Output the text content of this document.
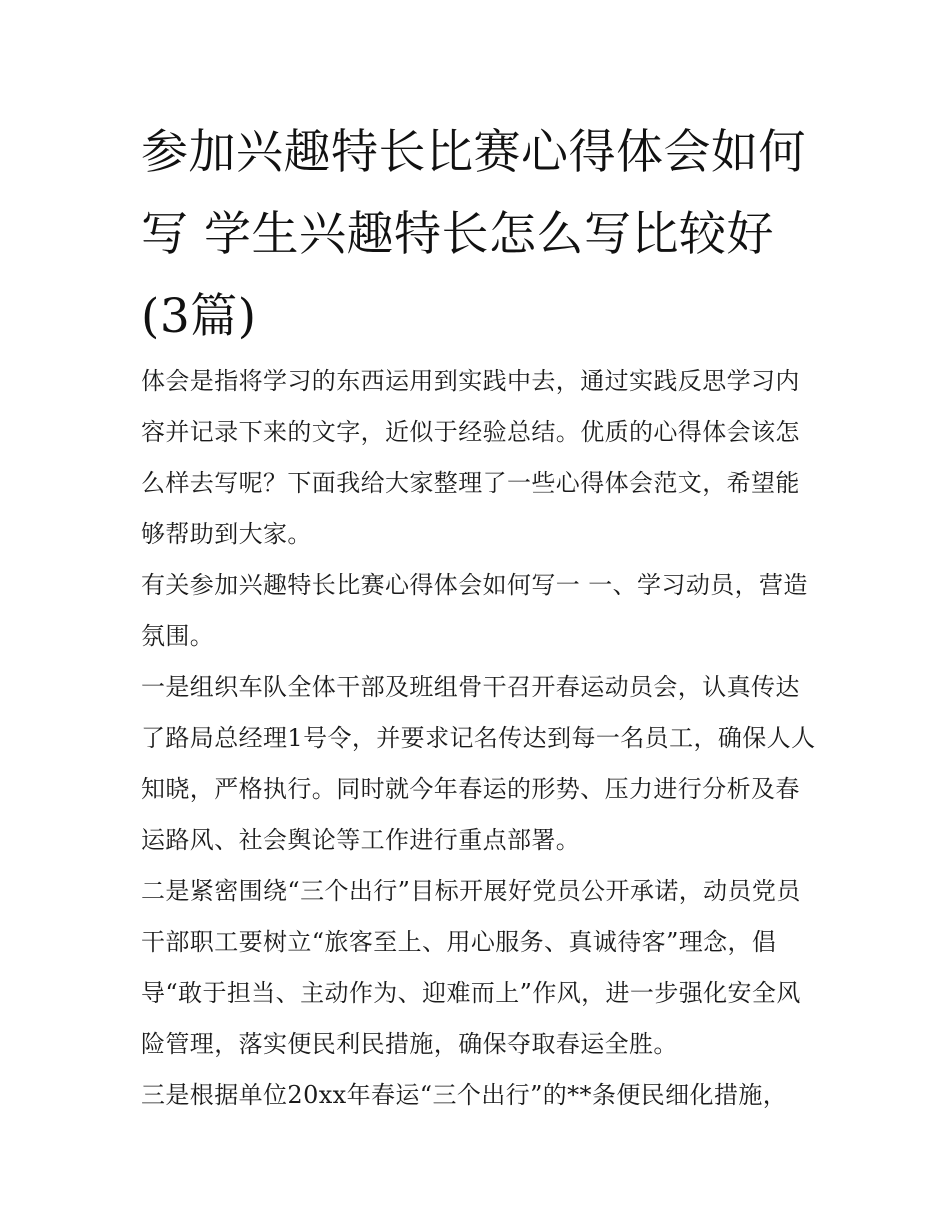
参加兴趣特长比赛心得体会如何写 学生兴趣特长怎么写比较好(3篇)

体会是指将学习的东西运用到实践中去，通过实践反思学习内容并记录下来的文字，近似于经验总结。优质的心得体会该怎么样去写呢？下面我给大家整理了一些心得体会范文，希望能够帮助到大家。

有关参加兴趣特长比赛心得体会如何写一 一、学习动员，营造氛围。

一是组织车队全体干部及班组骨干召开春运动员会，认真传达了路局总经理1号令，并要求记名传达到每一名员工，确保人人知晓，严格执行。同时就今年春运的形势、压力进行分析及春运路风、社会舆论等工作进行重点部署。

二是紧密围绕“三个出行”目标开展好党员公开承诺，动员党员干部职工要树立“旅客至上、用心服务、真诚待客”理念，倡导“敢于担当、主动作为、迎难而上”作风，进一步强化安全风险管理，落实便民利民措施，确保夺取春运全胜。

三是根据单位20xx年春运“三个出行”的**条便民细化措施，
